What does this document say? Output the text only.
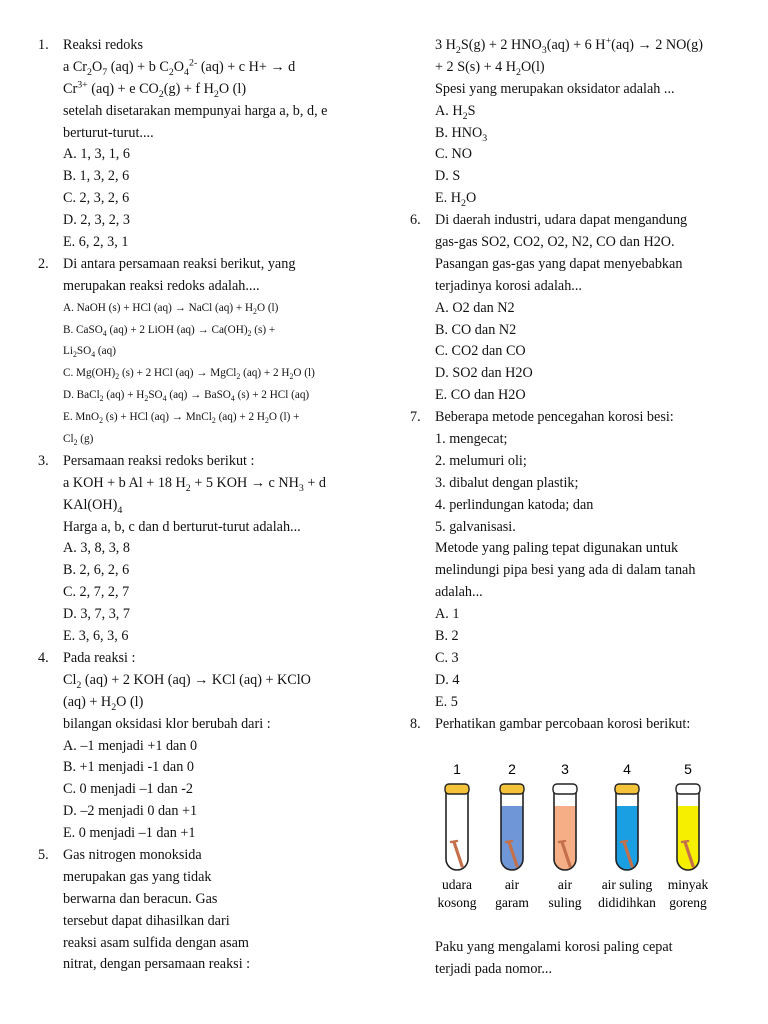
1. Reaksi redoks
a $Cr_2O_7$ (aq) + b $C_2O_4^{2-}$ (aq) + c H+ → d
$Cr^{3+}$ (aq) + e $CO_2(g) + f$ $H_2O$ (l)
setelah disetarakan mempunyai harga a, b, d, e
berturut-turut....
A. 1, 3, 1, 6
B. 1, 3, 2, 6
C. 2, 3, 2, 6
D. 2, 3, 2, 3
E. 6, 2, 3, 1
2. Di antara persamaan reaksi berikut, yang
merupakan reaksi redoks adalah....
A. NaOH (s) + HCl (aq) → NaCl $(aq) + H_2O$ (l)
B. CaSO$_4$ (aq) + 2 LiOH $(aq) \to Ca(OH)_2$ (s) +
$Li_2SO_4$ (aq)
C. $Mg(OH)_2$ (s) + 2 HCl (aq) → MgCl$_2$ (aq) + 2 $H_2O$ (l)
D. BaCl$_2$ $(aq) + H_2SO_4$ (aq) → BaSO$_4$ (s) + 2 HCl (aq)
E. MnO$_2$ (s) + HCl (aq) → MnCl$_2$ (aq) + 2 $H_2O$ (l) +
$Cl_2$ (g)
3. Persamaan reaksi redoks berikut :
a KOH + b Al + 18 $H_2 + 5$ KOH → c $NH_3 + d$
$KAl(OH)_4$
Harga a, b, c dan d berturut-turut adalah...
A. 3, 8, 3, 8
B. 2, 6, 2, 6
C. 2, 7, 2, 7
D. 3, 7, 3, 7
E. 3, 6, 3, 6
4. Pada reaksi :
$Cl_2$ (aq) + 2 KOH (aq) → KCl (aq) + KClO
$(aq) + H_2O$ (l)
bilangan oksidasi klor berubah dari :
A. –1 menjadi +1 dan 0
B. +1 menjadi -1 dan 0
C. 0 menjadi –1 dan -2
D. –2 menjadi 0 dan +1
E. 0 menjadi –1 dan +1
5. Gas nitrogen monoksida
merupakan gas yang tidak
berwarna dan beracun. Gas
tersebut dapat dihasilkan dari
reaksi asam sulfida dengan asam
nitrat, dengan persamaan reaksi :
3 $H_2S(g) + 2$ $HNO_3(aq) + 6$ H+(aq) → 2 NO(g)
+ 2 S(s) + 4 $H_2O(l)$
Spesi yang merupakan oksidator adalah ...
A. $H_2S$
B. $HNO_3$
C. NO
D. S
E. $H_2O$
6. Di daerah industri, udara dapat mengandung
gas-gas SO2, CO2, O2, N2, CO dan H2O.
Pasangan gas-gas yang dapat menyebabkan
terjadinya korosi adalah...
A. O2 dan N2
B. CO dan N2
C. CO2 dan CO
D. SO2 dan H2O
E. CO dan H2O
7. Beberapa metode pencegahan korosi besi:
1. mengecat;
2. melumuri oli;
3. dibalut dengan plastik;
4. perlindungan katoda; dan
5. galvanisasi.
Metode yang paling tepat digunakan untuk
melindungi pipa besi yang ada di dalam tanah
adalah...
A. 1
B. 2
C. 3
D. 4
E. 5
8. Perhatikan gambar percobaan korosi berikut:
1
udara
kosong
2
air
garam
3
air
suling
4
air suling
dididihkan
5
minyak
goreng
Paku yang mengalami korosi paling cepat
terjadi pada nomor...
